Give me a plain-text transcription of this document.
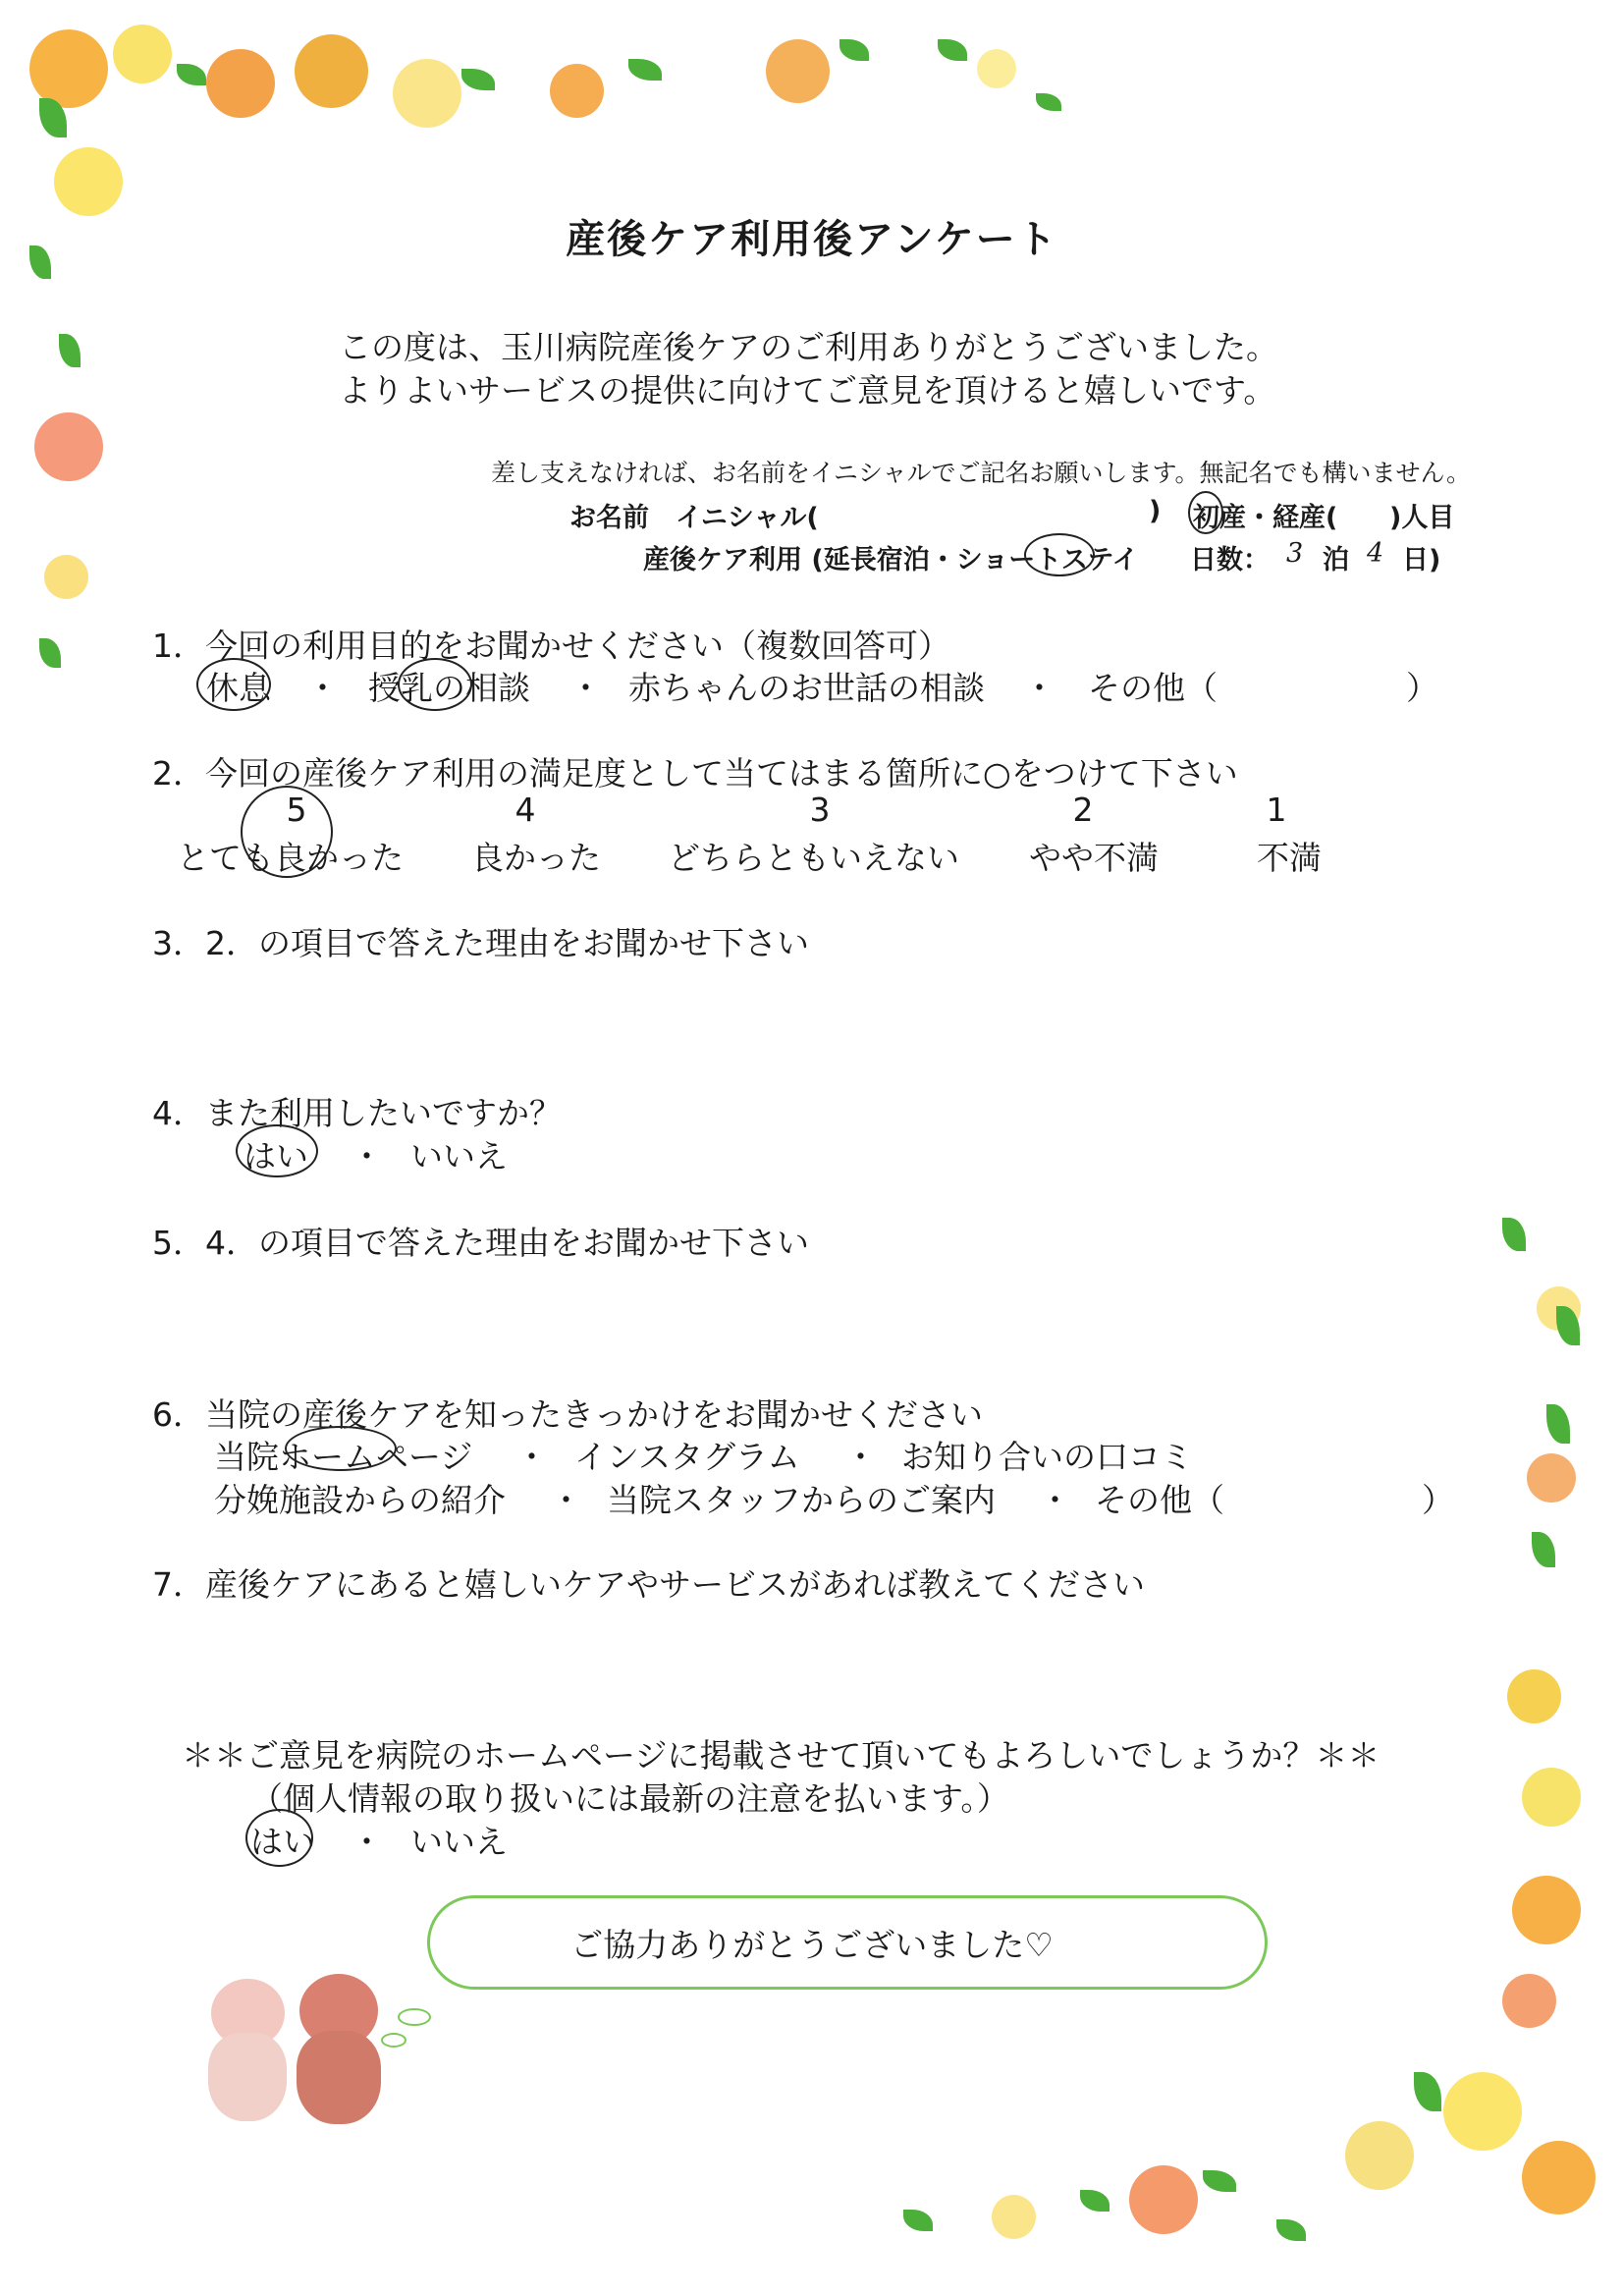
産後ケア利用後アンケート
この度は、玉川病院産後ケアのご利用ありがとうございました。
よりよいサービスの提供に向けてご意見を頂けると嬉しいです。
差し支えなければ、お名前をイニシャルでご記名お願いします。無記名でも構いません。
お名前　イニシャル(	) 初産・経産( )人目
産後ケア利用 (延長宿泊・ショートステイ 日数： 3 泊 4 日)
1．今回の利用目的をお聞かせください（複数回答可）
休息 ・ 授乳の相談 ・ 赤ちゃんのお世話の相談 ・ その他（	）
2．今回の産後ケア利用の満足度として当てはまる箇所に○をつけて下さい
5	4	3	2	1
とても良かった 良かった どちらともいえない やや不満	不満
3．2．の項目で答えた理由をお聞かせ下さい
4．また利用したいですか？
はい ・ いいえ
5．4．の項目で答えた理由をお聞かせ下さい
6．当院の産後ケアを知ったきっかけをお聞かせください
当院ホームページ ・ インスタグラム ・ お知り合いの口コミ
分娩施設からの紹介 ・ 当院スタッフからのご案内 ・ その他（	）
7．産後ケアにあると嬉しいケアやサービスがあれば教えてください
＊＊ご意見を病院のホームページに掲載させて頂いてもよろしいでしょうか？＊＊
（個人情報の取り扱いには最新の注意を払います。）
はい ・ いいえ
ご協力ありがとうございました♡
